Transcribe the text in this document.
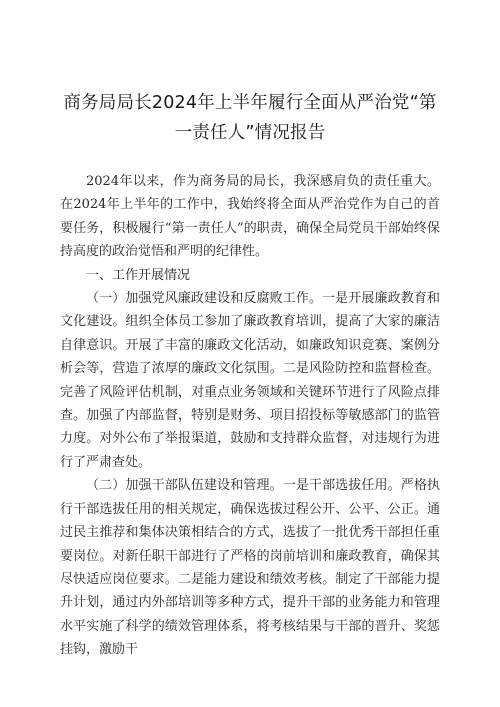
商务局局长2024年上半年履行全面从严治党“第一责任人”情况报告

2024年以来，作为商务局的局长，我深感肩负的责任重大。在2024年上半年的工作中，我始终将全面从严治党作为自己的首要任务，积极履行“第一责任人”的职责，确保全局党员干部始终保持高度的政治觉悟和严明的纪律性。

一、工作开展情况

（一）加强党风廉政建设和反腐败工作。一是开展廉政教育和文化建设。组织全体员工参加了廉政教育培训，提高了大家的廉洁自律意识。开展了丰富的廉政文化活动，如廉政知识竞赛、案例分析会等，营造了浓厚的廉政文化氛围。二是风险防控和监督检查。完善了风险评估机制，对重点业务领域和关键环节进行了风险点排查。加强了内部监督，特别是财务、项目招投标等敏感部门的监管力度。对外公布了举报渠道，鼓励和支持群众监督，对违规行为进行了严肃查处。

（二）加强干部队伍建设和管理。一是干部选拔任用。严格执行干部选拔任用的相关规定，确保选拔过程公开、公平、公正。通过民主推荐和集体决策相结合的方式，选拔了一批优秀干部担任重要岗位。对新任职干部进行了严格的岗前培训和廉政教育，确保其尽快适应岗位要求。二是能力建设和绩效考核。制定了干部能力提升计划，通过内外部培训等多种方式，提升干部的业务能力和管理水平实施了科学的绩效管理体系，将考核结果与干部的晋升、奖惩挂钩，激励干
